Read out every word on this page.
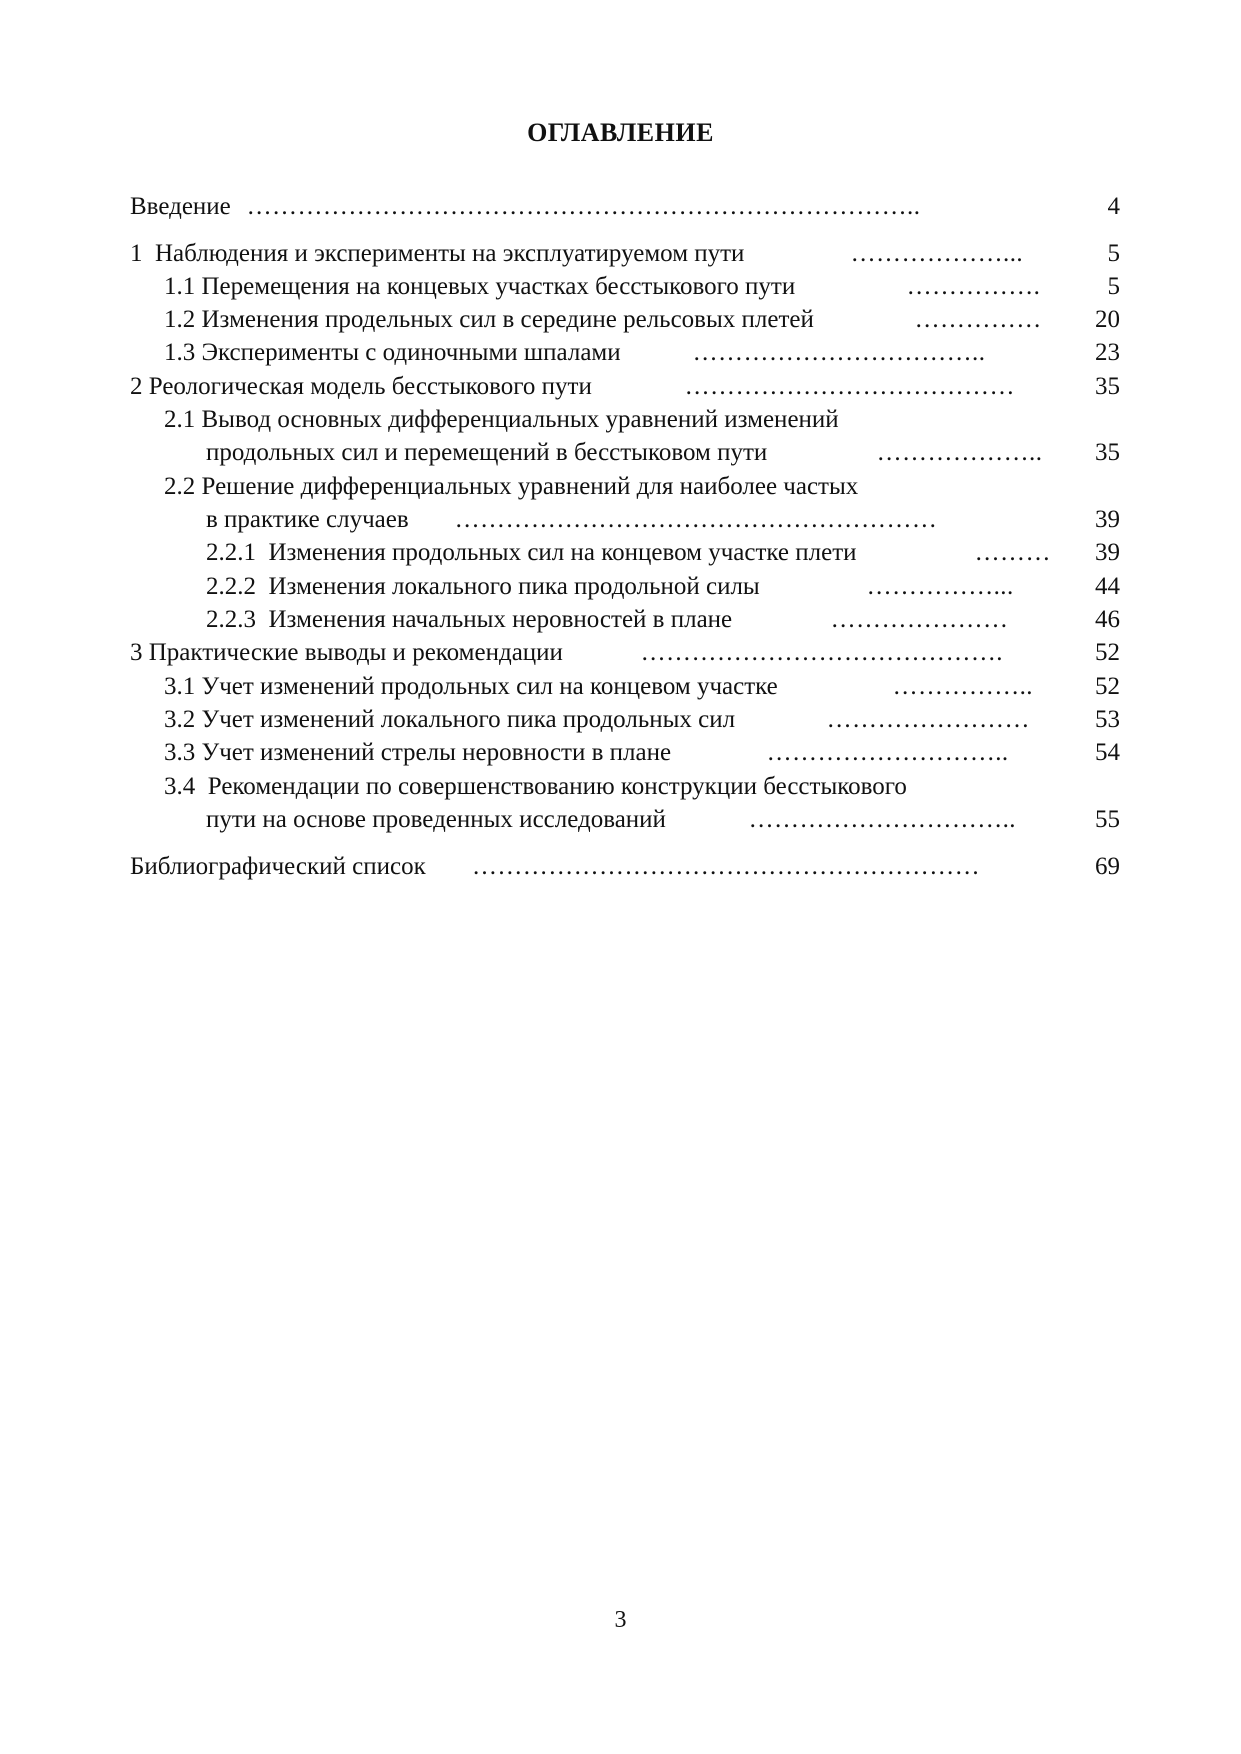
ОГЛАВЛЕНИЕ
Введение ……………………………………………………………………..	4
1  Наблюдения и эксперименты на эксплуатируемом пути	………………...	5
1.1 Перемещения на концевых участках бесстыкового пути	…………….	5
1.2 Изменения продельных сил в середине рельсовых плетей	……………	20
1.3 Эксперименты с одиночными шпалами	……………………………..	23
2 Реологическая модель бесстыкового пути	…………………………………	35
2.1 Вывод основных дифференциальных уравнений изменений
продольных сил и перемещений в бесстыковом пути	………………..	35
2.2 Решение дифференциальных уравнений для наиболее частых
в практике случаев …………………………………………………	39
2.2.1  Изменения продольных сил на концевом участке плети	………	39
2.2.2  Изменения локального пика продольной силы	……………...	44
2.2.3  Изменения начальных неровностей в плане	…………………	46
3 Практические выводы и рекомендации	…………………………………….	52
3.1 Учет изменений продольных сил на концевом участке	……………..	52
3.2 Учет изменений локального пика продольных сил	……………………	53
3.3 Учет изменений стрелы неровности в плане	………………………..	54
3.4  Рекомендации по совершенствованию конструкции бесстыкового
пути на основе проведенных исследований	…………………………..	55
Библиографический список ……………………………………………………	69
3
